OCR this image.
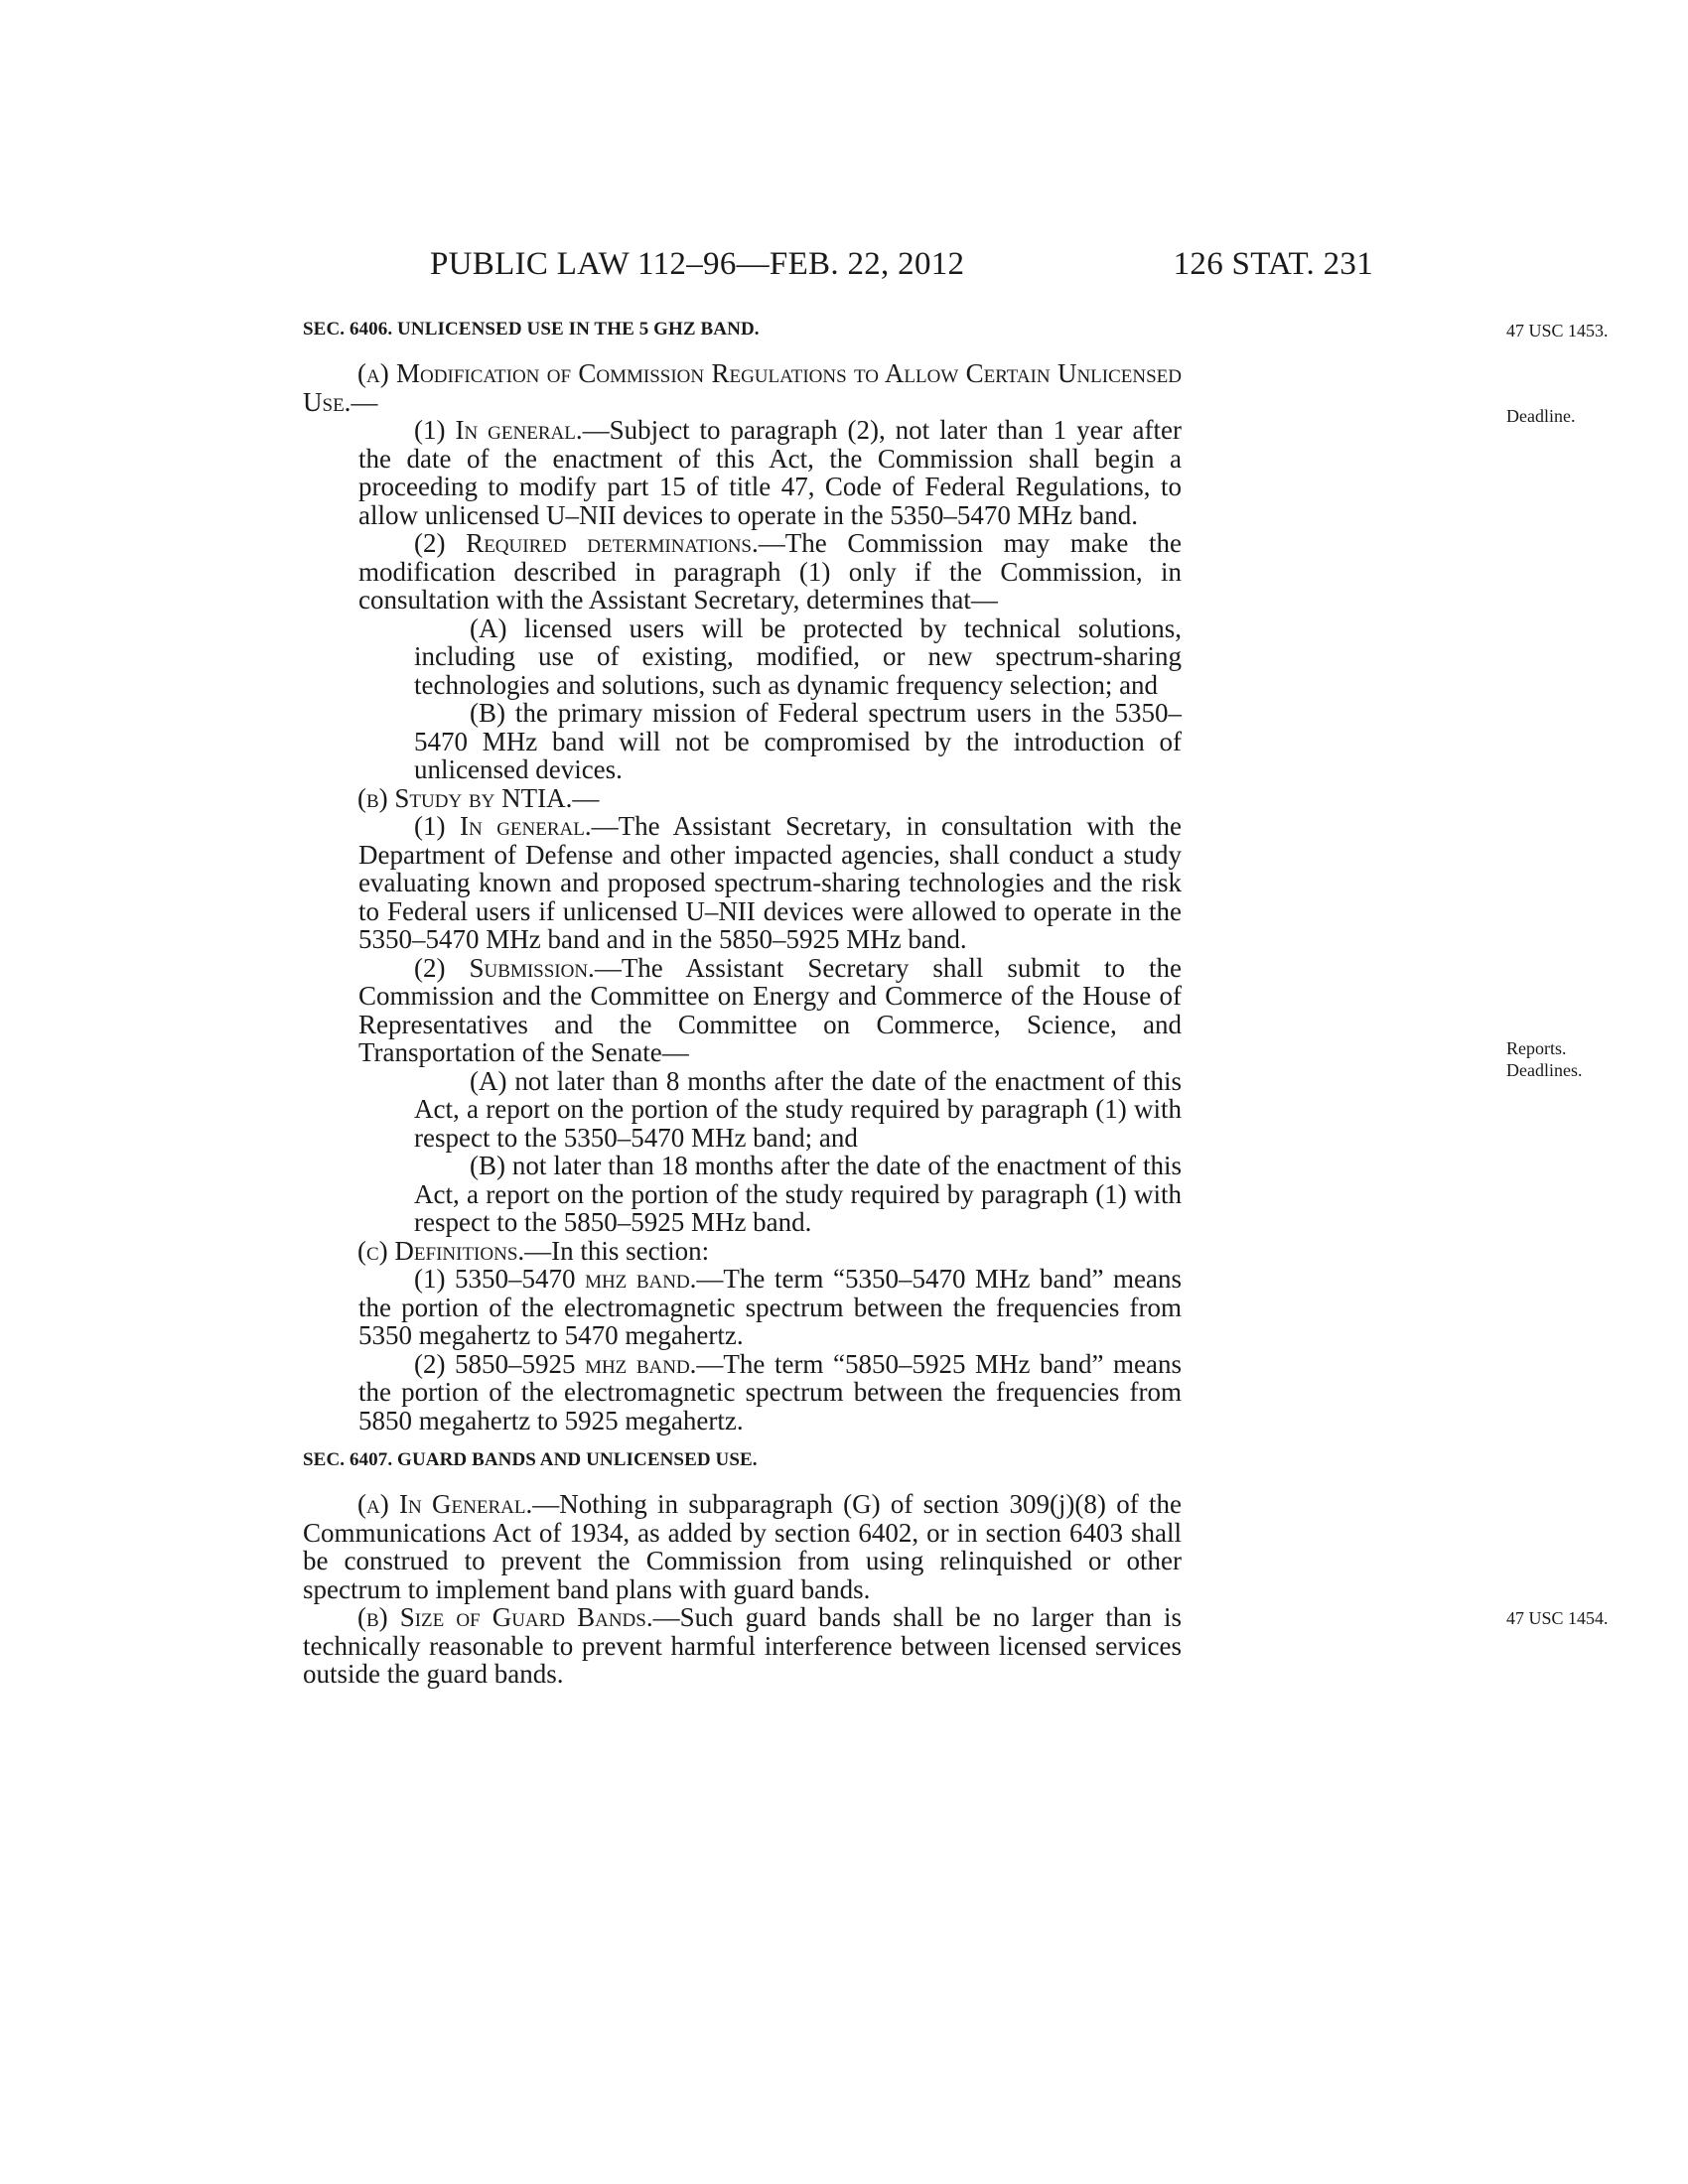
PUBLIC LAW 112–96—FEB. 22, 2012	126 STAT. 231
47 USC 1453.
Deadline.
Reports.
Deadlines.
47 USC 1454.

SEC. 6406. UNLICENSED USE IN THE 5 GHZ BAND.

(a) Modification of Commission Regulations to Allow Certain Unlicensed Use.—

(1) In general.—Subject to paragraph (2), not later than 1 year after the date of the enactment of this Act, the Commission shall begin a proceeding to modify part 15 of title 47, Code of Federal Regulations, to allow unlicensed U–NII devices to operate in the 5350–5470 MHz band.

(2) Required determinations.—The Commission may make the modification described in paragraph (1) only if the Commission, in consultation with the Assistant Secretary, determines that—

(A) licensed users will be protected by technical solutions, including use of existing, modified, or new spectrum-sharing technologies and solutions, such as dynamic frequency selection; and

(B) the primary mission of Federal spectrum users in the 5350–5470 MHz band will not be compromised by the introduction of unlicensed devices.

(b) Study by NTIA.—

(1) In general.—The Assistant Secretary, in consultation with the Department of Defense and other impacted agencies, shall conduct a study evaluating known and proposed spectrum-sharing technologies and the risk to Federal users if unlicensed U–NII devices were allowed to operate in the 5350–5470 MHz band and in the 5850–5925 MHz band.

(2) Submission.—The Assistant Secretary shall submit to the Commission and the Committee on Energy and Commerce of the House of Representatives and the Committee on Commerce, Science, and Transportation of the Senate—

(A) not later than 8 months after the date of the enactment of this Act, a report on the portion of the study required by paragraph (1) with respect to the 5350–5470 MHz band; and

(B) not later than 18 months after the date of the enactment of this Act, a report on the portion of the study required by paragraph (1) with respect to the 5850–5925 MHz band.

(c) Definitions.—In this section:

(1) 5350–5470 mhz band.—The term “5350–5470 MHz band” means the portion of the electromagnetic spectrum between the frequencies from 5350 megahertz to 5470 megahertz.

(2) 5850–5925 mhz band.—The term “5850–5925 MHz band” means the portion of the electromagnetic spectrum between the frequencies from 5850 megahertz to 5925 megahertz.

SEC. 6407. GUARD BANDS AND UNLICENSED USE.

(a) In General.—Nothing in subparagraph (G) of section 309(j)(8) of the Communications Act of 1934, as added by section 6402, or in section 6403 shall be construed to prevent the Commission from using relinquished or other spectrum to implement band plans with guard bands.

(b) Size of Guard Bands.—Such guard bands shall be no larger than is technically reasonable to prevent harmful interference between licensed services outside the guard bands.
